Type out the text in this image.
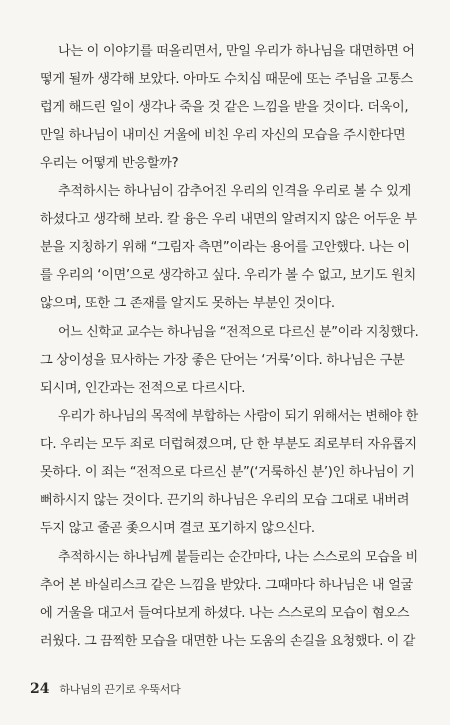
나는 이 이야기를 떠올리면서, 만일 우리가 하나님을 대면하면 어
떻게 될까 생각해 보았다. 아마도 수치심 때문에 또는 주님을 고통스
럽게 해드린 일이 생각나 죽을 것 같은 느낌을 받을 것이다. 더욱이,
만일 하나님이 내미신 거울에 비친 우리 자신의 모습을 주시한다면
우리는 어떻게 반응할까?
추적하시는 하나님이 감추어진 우리의 인격을 우리로 볼 수 있게
하셨다고 생각해 보라. 칼 융은 우리 내면의 알려지지 않은 어두운 부
분을 지칭하기 위해 “그림자 측면”이라는 용어를 고안했다. 나는 이
를 우리의 ‘이면’으로 생각하고 싶다. 우리가 볼 수 없고, 보기도 원치
않으며, 또한 그 존재를 알지도 못하는 부분인 것이다.
어느 신학교 교수는 하나님을 “전적으로 다르신 분”이라 지칭했다.
그 상이성을 묘사하는 가장 좋은 단어는 ‘거룩’이다. 하나님은 구분
되시며, 인간과는 전적으로 다르시다.
우리가 하나님의 목적에 부합하는 사람이 되기 위해서는 변해야 한
다. 우리는 모두 죄로 더럽혀졌으며, 단 한 부분도 죄로부터 자유롭지
못하다. 이 죄는 “전적으로 다르신 분”(‘거룩하신 분’)인 하나님이 기
뻐하시지 않는 것이다. 끈기의 하나님은 우리의 모습 그대로 내버려
두지 않고 줄곧 좇으시며 결코 포기하지 않으신다.
추적하시는 하나님께 붙들리는 순간마다, 나는 스스로의 모습을 비
추어 본 바실리스크 같은 느낌을 받았다. 그때마다 하나님은 내 얼굴
에 거울을 대고서 들여다보게 하셨다. 나는 스스로의 모습이 혐오스
러웠다. 그 끔찍한 모습을 대면한 나는 도움의 손길을 요청했다. 이 같
24 하나님의 끈기로 우뚝서다
